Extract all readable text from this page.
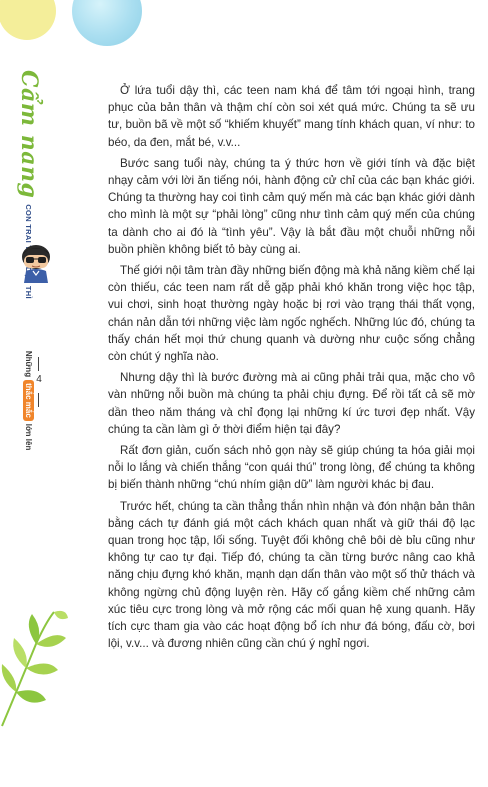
Cẩm nang
Những
thắc mắc
lớn lên
4

Ở lứa tuổi dậy thì, các teen nam khá để tâm tới ngoại hình, trang phục của bản thân và thậm chí còn soi xét quá mức. Chúng ta sẽ ưu tư, buồn bã về một số “khiếm khuyết” mang tính khách quan, ví như: to béo, da đen, mắt bé, v.v...

Bước sang tuổi này, chúng ta ý thức hơn về giới tính và đặc biệt nhạy cảm với lời ăn tiếng nói, hành động cử chỉ của các bạn khác giới. Chúng ta thường hay coi tình cảm quý mến mà các bạn khác giới dành cho mình là một sự “phải lòng” cũng như tình cảm quý mến của chúng ta dành cho ai đó là “tình yêu”. Vậy là bắt đầu một chuỗi những nỗi buồn phiền không biết tỏ bày cùng ai.

Thế giới nội tâm tràn đầy những biến động mà khả năng kiềm chế lại còn thiếu, các teen nam rất dễ gặp phải khó khăn trong việc học tập, vui chơi, sinh hoạt thường ngày hoặc bị rơi vào trạng thái thất vọng, chán nản dẫn tới những việc làm ngốc nghếch. Những lúc đó, chúng ta thấy chán hết mọi thứ chung quanh và dường như cuộc sống chẳng còn chút ý nghĩa nào.

Nhưng dậy thì là bước đường mà ai cũng phải trải qua, mặc cho vô vàn những nỗi buồn mà chúng ta phải chịu đựng. Để rồi tất cả sẽ mờ dần theo năm tháng và chỉ đọng lại những kí ức tươi đẹp nhất. Vậy chúng ta cần làm gì ở thời điểm hiện tại đây?

Rất đơn giản, cuốn sách nhỏ gọn này sẽ giúp chúng ta hóa giải mọi nỗi lo lắng và chiến thắng “con quái thú” trong lòng, để chúng ta không bị biến thành những “chú nhím giận dữ” làm người khác bị đau.

Trước hết, chúng ta cần thẳng thắn nhìn nhận và đón nhận bản thân bằng cách tự đánh giá một cách khách quan nhất và giữ thái độ lạc quan trong học tập, lối sống. Tuyệt đối không chê bôi dè bỉu cũng như không tự cao tự đại. Tiếp đó, chúng ta cần từng bước nâng cao khả năng chịu đựng khó khăn, mạnh dạn dấn thân vào một số thử thách và không ngừng chủ động luyện rèn. Hãy cố gắng kiềm chế những cảm xúc tiêu cực trong lòng và mở rộng các mối quan hệ xung quanh. Hãy tích cực tham gia vào các hoạt động bổ ích như đá bóng, đấu cờ, bơi lội, v.v... và đương nhiên cũng cần chú ý nghỉ ngơi.
